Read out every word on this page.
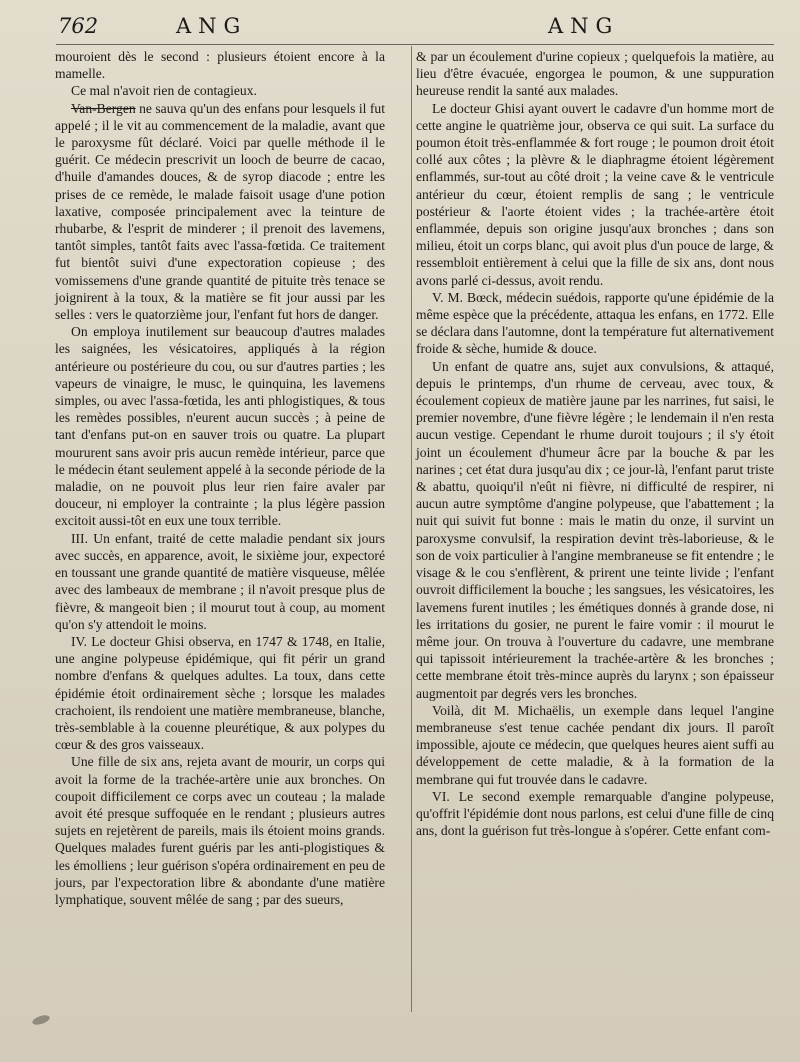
762	ANG	ANG

mouroient dès le second : plusieurs étoient encore à la mamelle.

Ce mal n'avoit rien de contagieux.

Van-Bergen ne sauva qu'un des enfans pour lesquels il fut appelé ; il le vit au commencement de la maladie, avant que le paroxysme fût déclaré. Voici par quelle méthode il le guérit. Ce médecin prescrivit un looch de beurre de cacao, d'huile d'amandes douces, & de syrop diacode ; entre les prises de ce remède, le malade faisoit usage d'une potion laxative, composée principalement avec la teinture de rhubarbe, & l'esprit de minderer ; il prenoit des lavemens, tantôt simples, tantôt faits avec l'assa-fœtida. Ce traitement fut bientôt suivi d'une expectoration copieuse ; des vomissemens d'une grande quantité de pituite très tenace se joignirent à la toux, & la matière se fit jour aussi par les selles : vers le quatorzième jour, l'enfant fut hors de danger.

On employa inutilement sur beaucoup d'autres malades les saignées, les vésicatoires, appliqués à la région antérieure ou postérieure du cou, ou sur d'autres parties ; les vapeurs de vinaigre, le musc, le quinquina, les lavemens simples, ou avec l'assa-fœtida, les anti phlogistiques, & tous les remèdes possibles, n'eurent aucun succès ; à peine de tant d'enfans put-on en sauver trois ou quatre. La plupart moururent sans avoir pris aucun remède intérieur, parce que le médecin étant seulement appelé à la seconde période de la maladie, on ne pouvoit plus leur rien faire avaler par douceur, ni employer la contrainte ; la plus légère passion excitoit aussi-tôt en eux une toux terrible.

III. Un enfant, traité de cette maladie pendant six jours avec succès, en apparence, avoit, le sixième jour, expectoré en toussant une grande quantité de matière visqueuse, mêlée avec des lambeaux de membrane ; il n'avoit presque plus de fièvre, & mangeoit bien ; il mourut tout à coup, au moment qu'on s'y attendoit le moins.

IV. Le docteur Ghisi observa, en 1747 & 1748, en Italie, une angine polypeuse épidémique, qui fit périr un grand nombre d'enfans & quelques adultes. La toux, dans cette épidémie étoit ordinairement sèche ; lorsque les malades crachoient, ils rendoient une matière membraneuse, blanche, très-semblable à la couenne pleurétique, & aux polypes du cœur & des gros vaisseaux.

Une fille de six ans, rejeta avant de mourir, un corps qui avoit la forme de la trachée-artère unie aux bronches. On coupoit difficilement ce corps avec un couteau ; la malade avoit été presque suffoquée en le rendant ; plusieurs autres sujets en rejetèrent de pareils, mais ils étoient moins grands. Quelques malades furent guéris par les anti-plogistiques & les émolliens ; leur guérison s'opéra ordinairement en peu de jours, par l'expectoration libre & abondante d'une matière lymphatique, souvent mêlée de sang ; par des sueurs,

& par un écoulement d'urine copieux ; quelquefois la matière, au lieu d'être évacuée, engorgea le poumon, & une suppuration heureuse rendit la santé aux malades.

Le docteur Ghisi ayant ouvert le cadavre d'un homme mort de cette angine le quatrième jour, observa ce qui suit. La surface du poumon étoit très-enflammée & fort rouge ; le poumon droit étoit collé aux côtes ; la plèvre & le diaphragme étoient légèrement enflammés, sur-tout au côté droit ; la veine cave & le ventricule antérieur du cœur, étoient remplis de sang ; le ventricule postérieur & l'aorte étoient vides ; la trachée-artère étoit enflammée, depuis son origine jusqu'aux bronches ; dans son milieu, étoit un corps blanc, qui avoit plus d'un pouce de large, & ressembloit entièrement à celui que la fille de six ans, dont nous avons parlé ci-dessus, avoit rendu.

V. M. Bœck, médecin suédois, rapporte qu'une épidémie de la même espèce que la précédente, attaqua les enfans, en 1772. Elle se déclara dans l'automne, dont la température fut alternativement froide & sèche, humide & douce.

Un enfant de quatre ans, sujet aux convulsions, & attaqué, depuis le printemps, d'un rhume de cerveau, avec toux, & écoulement copieux de matière jaune par les narrines, fut saisi, le premier novembre, d'une fièvre légère ; le lendemain il n'en resta aucun vestige. Cependant le rhume duroit toujours ; il s'y étoit joint un écoulement d'humeur âcre par la bouche & par les narines ; cet état dura jusqu'au dix ; ce jour-là, l'enfant parut triste & abattu, quoiqu'il n'eût ni fièvre, ni difficulté de respirer, ni aucun autre symptôme d'angine polypeuse, que l'abattement ; la nuit qui suivit fut bonne : mais le matin du onze, il survint un paroxysme convulsif, la respiration devint très-laborieuse, & le son de voix particulier à l'angine membraneuse se fit entendre ; le visage & le cou s'enflèrent, & prirent une teinte livide ; l'enfant ouvroit difficilement la bouche ; les sangsues, les vésicatoires, les lavemens furent inutiles ; les émétiques donnés à grande dose, ni les irritations du gosier, ne purent le faire vomir : il mourut le même jour. On trouva à l'ouverture du cadavre, une membrane qui tapissoit intérieurement la trachée-artère & les bronches ; cette membrane étoit très-mince auprès du larynx ; son épaisseur augmentoit par degrés vers les bronches.

Voilà, dit M. Michaëlis, un exemple dans lequel l'angine membraneuse s'est tenue cachée pendant dix jours. Il paroît impossible, ajoute ce médecin, que quelques heures aient suffi au développement de cette maladie, & à la formation de la membrane qui fut trouvée dans le cadavre.

VI. Le second exemple remarquable d'angine polypeuse, qu'offrit l'épidémie dont nous parlons, est celui d'une fille de cinq ans, dont la guérison fut très-longue à s'opérer. Cette enfant com-
